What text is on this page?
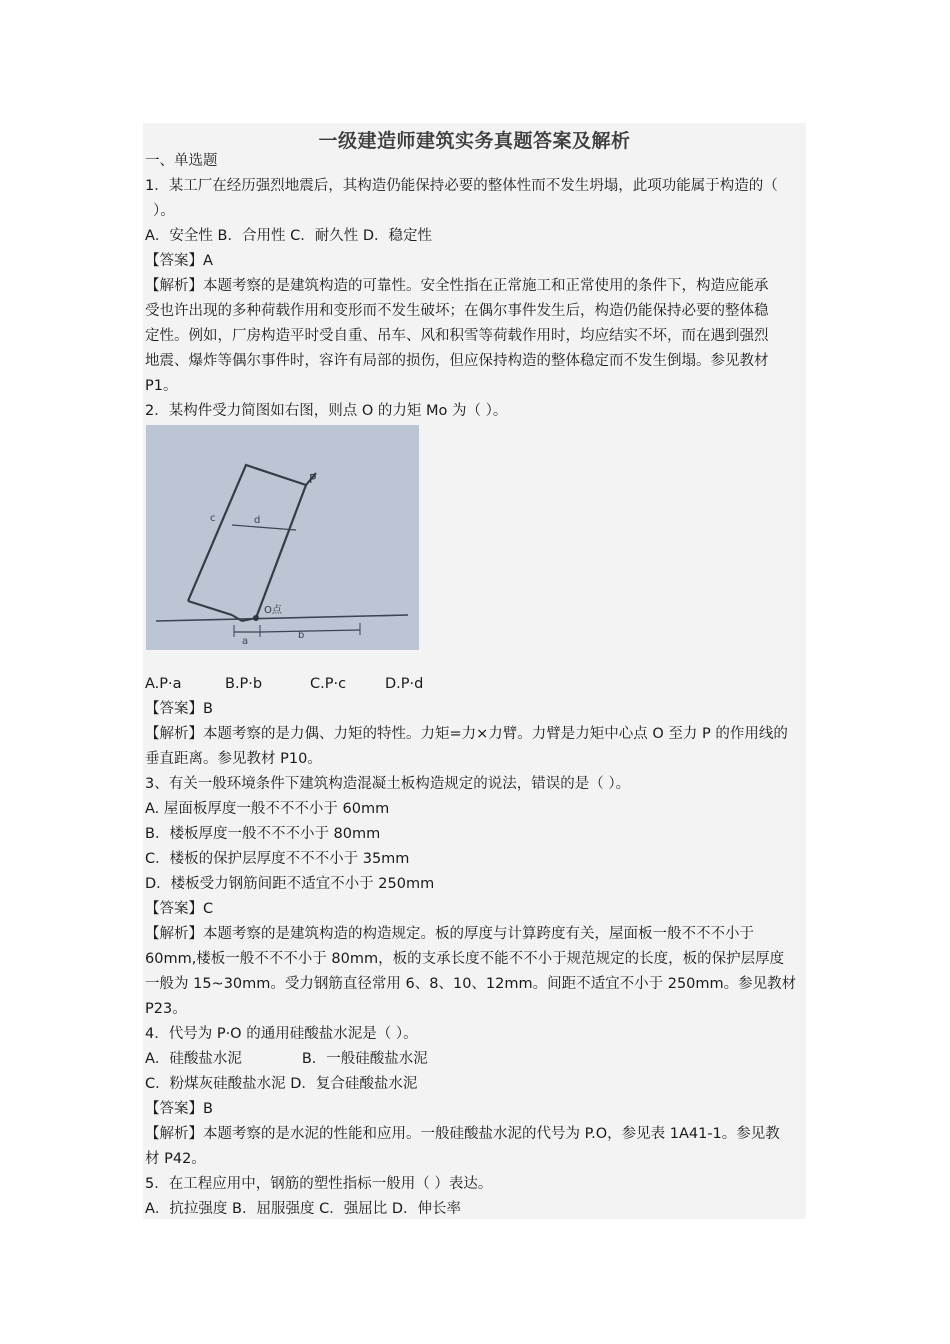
一级建造师建筑实务真题答案及解析
一、单选题
1．某工厂在经历强烈地震后，其构造仍能保持必要的整体性而不发生坍塌，此项功能属于构造的（
）。
A．安全性 B．合用性 C．耐久性 D．稳定性
【答案】A
【解析】本题考察的是建筑构造的可靠性。安全性指在正常施工和正常使用的条件下，构造应能承
受也许出现的多种荷载作用和变形而不发生破坏；在偶尔事件发生后，构造仍能保持必要的整体稳
定性。例如，厂房构造平时受自重、吊车、风和积雪等荷载作用时，均应结实不坏，而在遇到强烈
地震、爆炸等偶尔事件时，容许有局部的损伤，但应保持构造的整体稳定而不发生倒塌。参见教材
P1。
2．某构件受力简图如右图，则点 O 的力矩 Mo 为（ ）。
P
d
c
O点
a
b
A.P·a	B.P·b	C.P·c	D.P·d
【答案】B
【解析】本题考察的是力偶、力矩的特性。力矩=力×力臂。力臂是力矩中心点 O 至力 P 的作用线的
垂直距离。参见教材 P10。
3、有关一般环境条件下建筑构造混凝土板构造规定的说法，错误的是（ ）。
A. 屋面板厚度一般不不不小于 60mm
B．楼板厚度一般不不不小于 80mm
C．楼板的保护层厚度不不不小于 35mm
D．楼板受力钢筋间距不适宜不小于 250mm
【答案】C
【解析】本题考察的是建筑构造的构造规定。板的厚度与计算跨度有关，屋面板一般不不不小于
60mm,楼板一般不不不小于 80mm，板的支承长度不能不不小于规范规定的长度，板的保护层厚度
一般为 15~30mm。受力钢筋直径常用 6、8、10、12mm。间距不适宜不小于 250mm。参见教材
P23。
4．代号为 P·O 的通用硅酸盐水泥是（ ）。
A．硅酸盐水泥             B．一般硅酸盐水泥
C．粉煤灰硅酸盐水泥 D．复合硅酸盐水泥
【答案】B
【解析】本题考察的是水泥的性能和应用。一般硅酸盐水泥的代号为 P.O，参见表 1A41-1。参见教
材 P42。
5．在工程应用中，钢筋的塑性指标一般用（ ）表达。
A．抗拉强度 B．屈服强度 C．强屈比 D．伸长率
